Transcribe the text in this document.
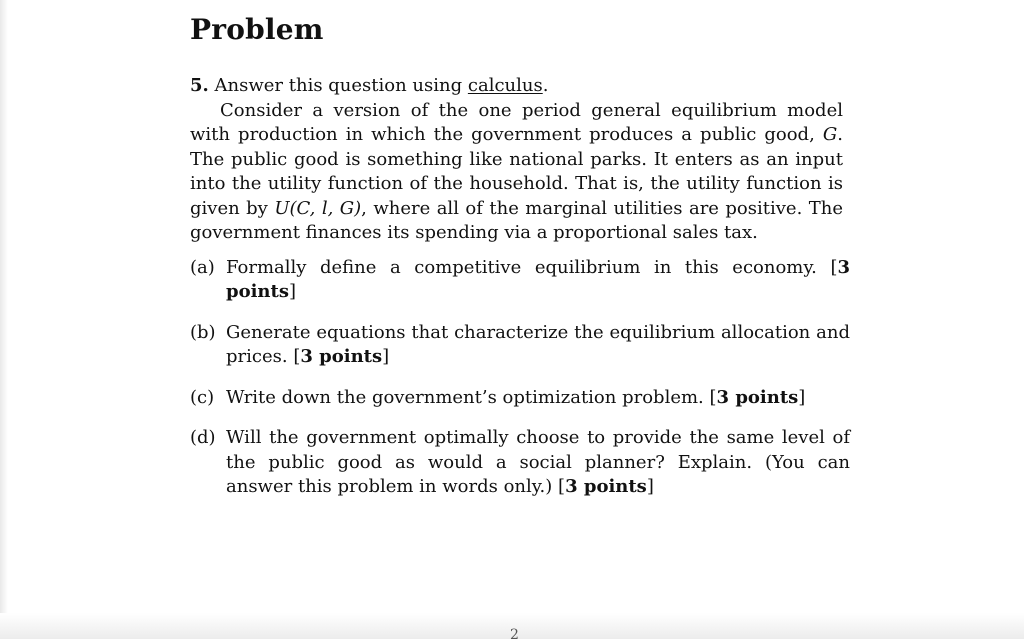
Problem
5. Answer this question using calculus.

Consider a version of the one period general equilibrium model with production in which the government produces a public good, G. The public good is something like national parks. It enters as an input into the utility function of the household. That is, the utility function is given by U(C, l, G), where all of the marginal utilities are positive. The government finances its spending via a proportional sales tax.

(a) Formally define a competitive equilibrium in this economy. [3 points]
(b) Generate equations that characterize the equilibrium allocation and prices. [3 points]
(c) Write down the government’s optimization problem. [3 points]
(d) Will the government optimally choose to provide the same level of the public good as would a social planner? Explain. (You can answer this problem in words only.) [3 points]
2
